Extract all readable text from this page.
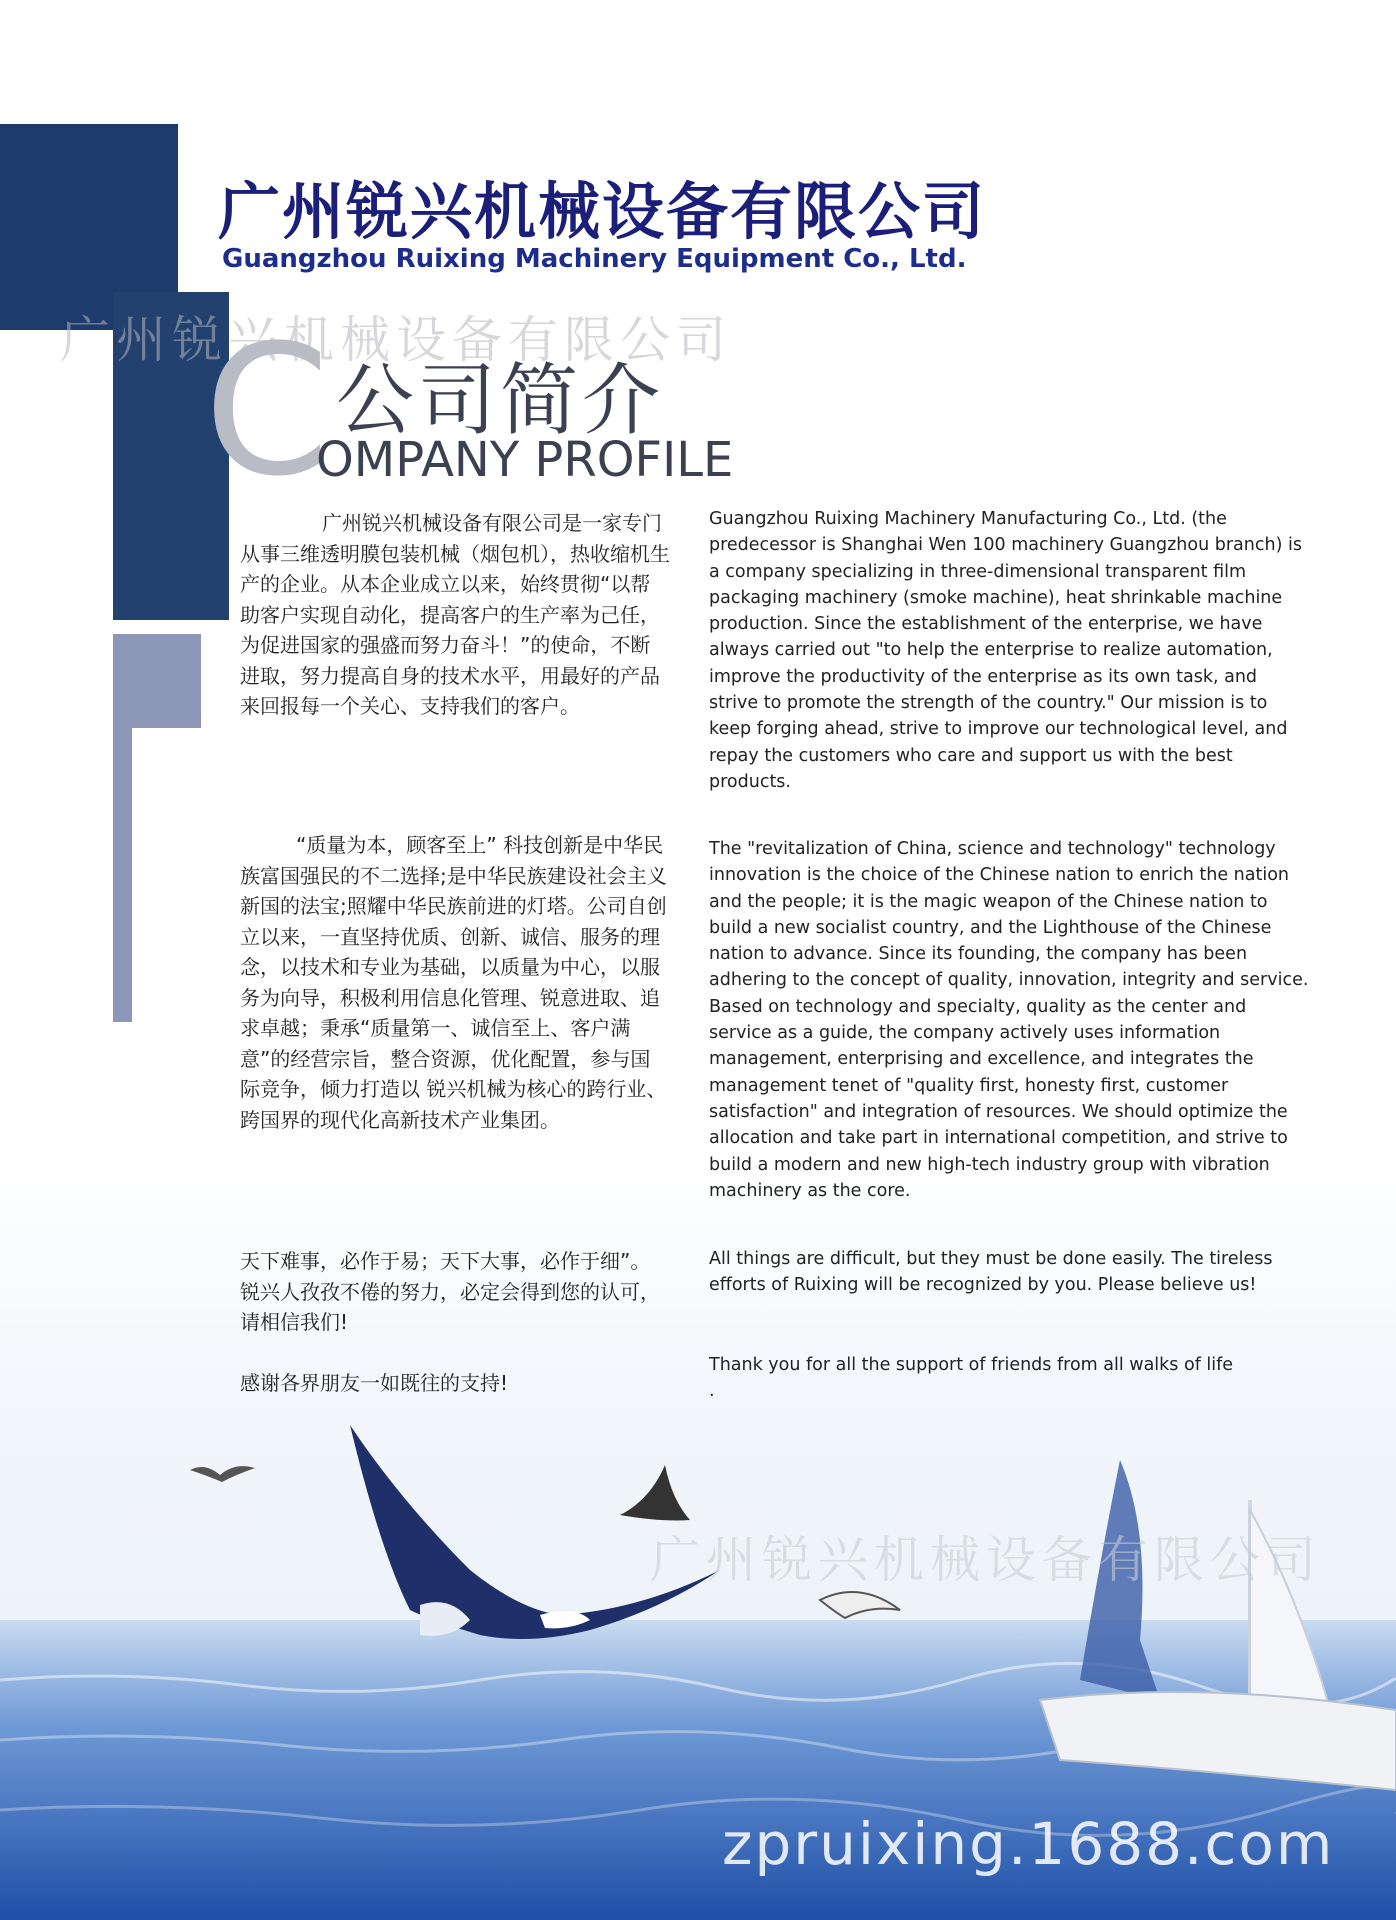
广州锐兴机械设备有限公司
Guangzhou Ruixing Machinery Equipment Co., Ltd.
广州锐兴机械设备有限公司
C 公司简介
OMPANY PROFILE

广州锐兴机械设备有限公司是一家专门从事三维透明膜包装机械（烟包机），热收缩机生产的企业。从本企业成立以来，始终贯彻“以帮助客户实现自动化，提高客户的生产率为己任，为促进国家的强盛而努力奋斗！”的使命，不断进取，努力提高自身的技术水平，用最好的产品来回报每一个关心、支持我们的客户。

“质量为本，顾客至上” 科技创新是中华民族富国强民的不二选择;是中华民族建设社会主义新国的法宝;照耀中华民族前进的灯塔。公司自创立以来，一直坚持优质、创新、诚信、服务的理念，以技术和专业为基础，以质量为中心，以服务为向导，积极利用信息化管理、锐意进取、追求卓越；秉承“质量第一、诚信至上、客户满意”的经营宗旨，整合资源，优化配置，参与国际竞争，倾力打造以 锐兴机械为核心的跨行业、跨国界的现代化高新技术产业集团。

天下难事，必作于易；天下大事，必作于细”。 锐兴人孜孜不倦的努力，必定会得到您的认可，请相信我们!

感谢各界朋友一如既往的支持!

Guangzhou Ruixing Machinery Manufacturing Co., Ltd. (the predecessor is Shanghai Wen 100 machinery Guangzhou branch) is a company specializing in three-dimensional transparent film packaging machinery (smoke machine), heat shrinkable machine production. Since the establishment of the enterprise, we have always carried out "to help the enterprise to realize automation, improve the productivity of the enterprise as its own task, and strive to promote the strength of the country." Our mission is to keep forging ahead, strive to improve our technological level, and repay the customers who care and support us with the best products.

The "revitalization of China, science and technology" technology innovation is the choice of the Chinese nation to enrich the nation and the people; it is the magic weapon of the Chinese nation to build a new socialist country, and the Lighthouse of the Chinese nation to advance. Since its founding, the company has been adhering to the concept of quality, innovation, integrity and service. Based on technology and specialty, quality as the center and service as a guide, the company actively uses information management, enterprising and excellence, and integrates the management tenet of "quality first, honesty first, customer satisfaction" and integration of resources. We should optimize the allocation and take part in international competition, and strive to build a modern and new high-tech industry group with vibration machinery as the core.

All things are difficult, but they must be done easily. The tireless efforts of Ruixing will be recognized by you. Please believe us!

Thank you for all the support of friends from all walks of life
.

广州锐兴机械设备有限公司
zpruixing.1688.com
